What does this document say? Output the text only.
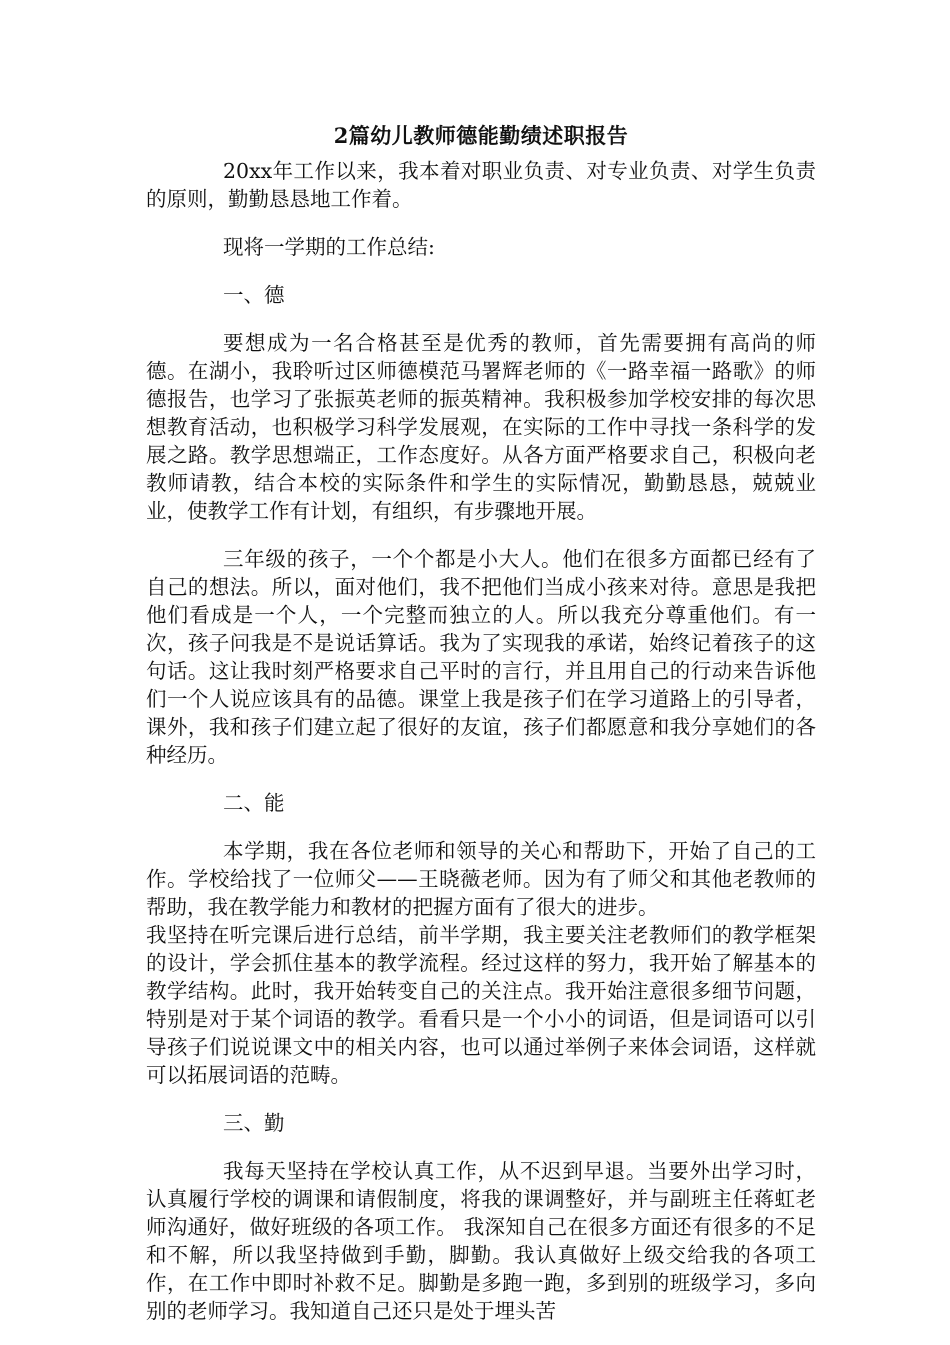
2篇幼儿教师德能勤绩述职报告
20xx年工作以来，我本着对职业负责、对专业负责、对学生负责的原则，勤勤恳恳地工作着。
现将一学期的工作总结:
一、德
要想成为一名合格甚至是优秀的教师，首先需要拥有高尚的师德。在湖小，我聆听过区师德模范马署辉老师的《一路幸福一路歌》的师德报告，也学习了张振英老师的振英精神。我积极参加学校安排的每次思想教育活动，也积极学习科学发展观，在实际的工作中寻找一条科学的发展之路。教学思想端正，工作态度好。从各方面严格要求自己，积极向老教师请教，结合本校的实际条件和学生的实际情况，勤勤恳恳，兢兢业业，使教学工作有计划，有组织，有步骤地开展。
三年级的孩子，一个个都是小大人。他们在很多方面都已经有了自己的想法。所以，面对他们，我不把他们当成小孩来对待。意思是我把他们看成是一个人，一个完整而独立的人。所以我充分尊重他们。有一次，孩子问我是不是说话算话。我为了实现我的承诺，始终记着孩子的这句话。这让我时刻严格要求自己平时的言行，并且用自己的行动来告诉他们一个人说应该具有的品德。课堂上我是孩子们在学习道路上的引导者，课外，我和孩子们建立起了很好的友谊，孩子们都愿意和我分享她们的各种经历。
二、能
本学期，我在各位老师和领导的关心和帮助下，开始了自己的工作。学校给找了一位师父——王晓薇老师。因为有了师父和其他老教师的帮助，我在教学能力和教材的把握方面有了很大的进步。
我坚持在听完课后进行总结，前半学期，我主要关注老教师们的教学框架的设计，学会抓住基本的教学流程。经过这样的努力，我开始了解基本的教学结构。此时，我开始转变自己的关注点。我开始注意很多细节问题，特别是对于某个词语的教学。看看只是一个小小的词语，但是词语可以引导孩子们说说课文中的相关内容，也可以通过举例子来体会词语，这样就可以拓展词语的范畴。
三、勤
我每天坚持在学校认真工作，从不迟到早退。当要外出学习时，认真履行学校的调课和请假制度，将我的课调整好，并与副班主任蒋虹老师沟通好，做好班级的各项工作。 我深知自己在很多方面还有很多的不足和不解，所以我坚持做到手勤，脚勤。我认真做好上级交给我的各项工作，在工作中即时补救不足。脚勤是多跑一跑，多到别的班级学习，多向别的老师学习。我知道自己还只是处于埋头苦
